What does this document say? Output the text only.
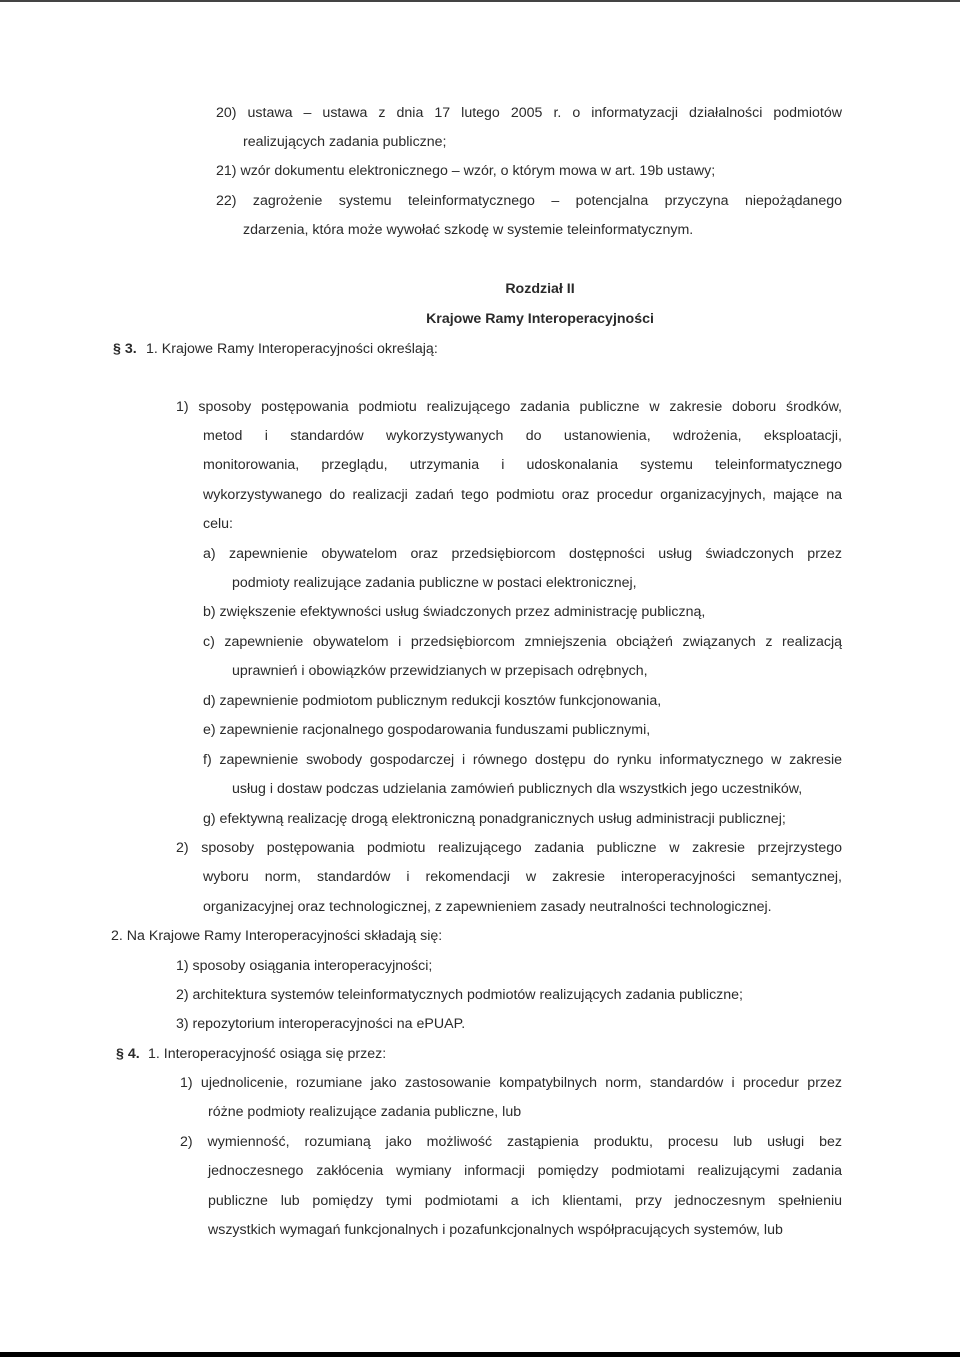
20) ustawa – ustawa z dnia 17 lutego 2005 r. o informatyzacji działalności podmiotów
realizujących zadania publiczne;
21) wzór dokumentu elektronicznego – wzór, o którym mowa w art. 19b ustawy;
22) zagrożenie systemu teleinformatycznego – potencjalna przyczyna niepożądanego
zdarzenia, która może wywołać szkodę w systemie teleinformatycznym.
Rozdział II
Krajowe Ramy Interoperacyjności
§ 3. 1. Krajowe Ramy Interoperacyjności określają:
1) sposoby postępowania podmiotu realizującego zadania publiczne w zakresie doboru środków,
metod i standardów wykorzystywanych do ustanowienia, wdrożenia, eksploatacji,
monitorowania, przeglądu, utrzymania i udoskonalania systemu teleinformatycznego
wykorzystywanego do realizacji zadań tego podmiotu oraz procedur organizacyjnych, mające na
celu:
a) zapewnienie obywatelom oraz przedsiębiorcom dostępności usług świadczonych przez
podmioty realizujące zadania publiczne w postaci elektronicznej,
b) zwiększenie efektywności usług świadczonych przez administrację publiczną,
c) zapewnienie obywatelom i przedsiębiorcom zmniejszenia obciążeń związanych z realizacją
uprawnień i obowiązków przewidzianych w przepisach odrębnych,
d) zapewnienie podmiotom publicznym redukcji kosztów funkcjonowania,
e) zapewnienie racjonalnego gospodarowania funduszami publicznymi,
f) zapewnienie swobody gospodarczej i równego dostępu do rynku informatycznego w zakresie
usług i dostaw podczas udzielania zamówień publicznych dla wszystkich jego uczestników,
g) efektywną realizację drogą elektroniczną ponadgranicznych usług administracji publicznej;
2) sposoby postępowania podmiotu realizującego zadania publiczne w zakresie przejrzystego
wyboru norm, standardów i rekomendacji w zakresie interoperacyjności semantycznej,
organizacyjnej oraz technologicznej, z zapewnieniem zasady neutralności technologicznej.
2. Na Krajowe Ramy Interoperacyjności składają się:
1) sposoby osiągania interoperacyjności;
2) architektura systemów teleinformatycznych podmiotów realizujących zadania publiczne;
3) repozytorium interoperacyjności na ePUAP.
§ 4. 1. Interoperacyjność osiąga się przez:
1) ujednolicenie, rozumiane jako zastosowanie kompatybilnych norm, standardów i procedur przez
różne podmioty realizujące zadania publiczne, lub
2) wymienność, rozumianą jako możliwość zastąpienia produktu, procesu lub usługi bez
jednoczesnego zakłócenia wymiany informacji pomiędzy podmiotami realizującymi zadania
publiczne lub pomiędzy tymi podmiotami a ich klientami, przy jednoczesnym spełnieniu
wszystkich wymagań funkcjonalnych i pozafunkcjonalnych współpracujących systemów, lub
